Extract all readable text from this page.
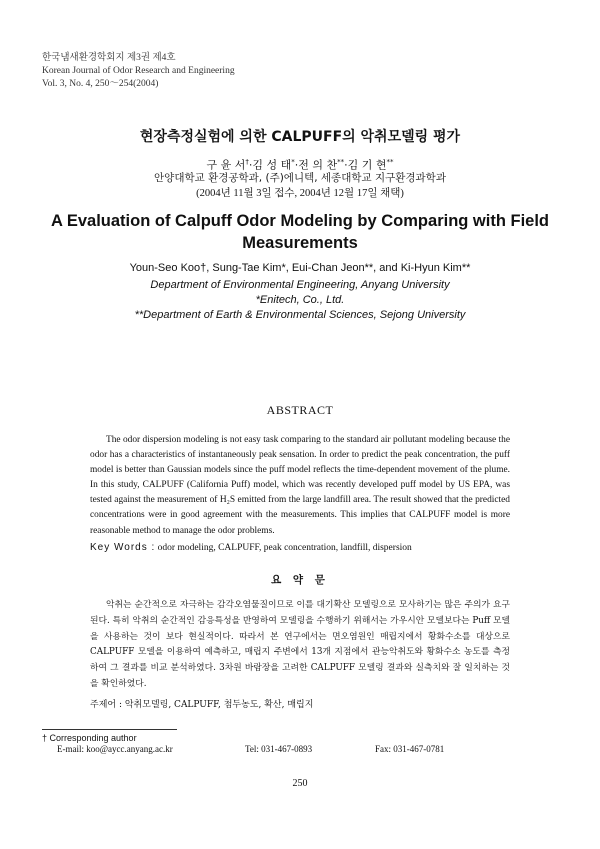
한국냄새환경학회지 제3권 제4호
Korean Journal of Odor Research and Engineering
Vol. 3, No. 4, 250～254(2004)
현장측정실험에 의한 CALPUFF의 악취모델링 평가
구 윤 서†·김 성 태*·전 의 찬**·김 기 현**
안양대학교 환경공학과, (주)에니텍, 세종대학교 지구환경과학과
(2004년 11월 3일 접수, 2004년 12월 17일 채택)
A Evaluation of Calpuff Odor Modeling by Comparing with Field Measurements
Youn-Seo Koo†, Sung-Tae Kim*, Eui-Chan Jeon**, and Ki-Hyun Kim**
Department of Environmental Engineering, Anyang University
*Enitech, Co., Ltd.
**Department of Earth & Environmental Sciences, Sejong University
ABSTRACT
The odor dispersion modeling is not easy task comparing to the standard air pollutant modeling because the odor has a characteristics of instantaneously peak sensation. In order to predict the peak concentration, the puff model is better than Gaussian models since the puff model reflects the time-dependent movement of the plume. In this study, CALPUFF (California Puff) model, which was recently developed puff model by US EPA, was tested against the measurement of H₂S emitted from the large landfill area. The result showed that the predicted concentrations were in good agreement with the measurements. This implies that CALPUFF model is more reasonable method to manage the odor problems.
Key Words : odor modeling, CALPUFF, peak concentration, landfill, dispersion
요 약 문
악취는 순간적으로 자극하는 감각오염물질이므로 이를 대기확산 모델링으로 모사하기는 많은 주의가 요구된다. 특히 악취의 순간적인 감응특성을 반영하여 모델링을 수행하기 위해서는 가우시안 모델보다는 Puff 모델을 사용하는 것이 보다 현실적이다. 따라서 본 연구에서는 면오염원인 매립지에서 황화수소를 대상으로 CALPUFF 모델을 이용하여 예측하고, 매립지 주변에서 13개 지점에서 관능악취도와 황화수소 농도를 측정하여 그 결과를 비교 분석하였다. 3차원 바람장을 고려한 CALPUFF 모델링 결과와 실측치와 잘 일치하는 것을 확인하였다.
주제어 : 악취모델링, CALPUFF, 첨두농도, 확산, 매립지
† Corresponding author
E-mail: koo@aycc.anyang.ac.kr	Tel: 031-467-0893	Fax: 031-467-0781
250
